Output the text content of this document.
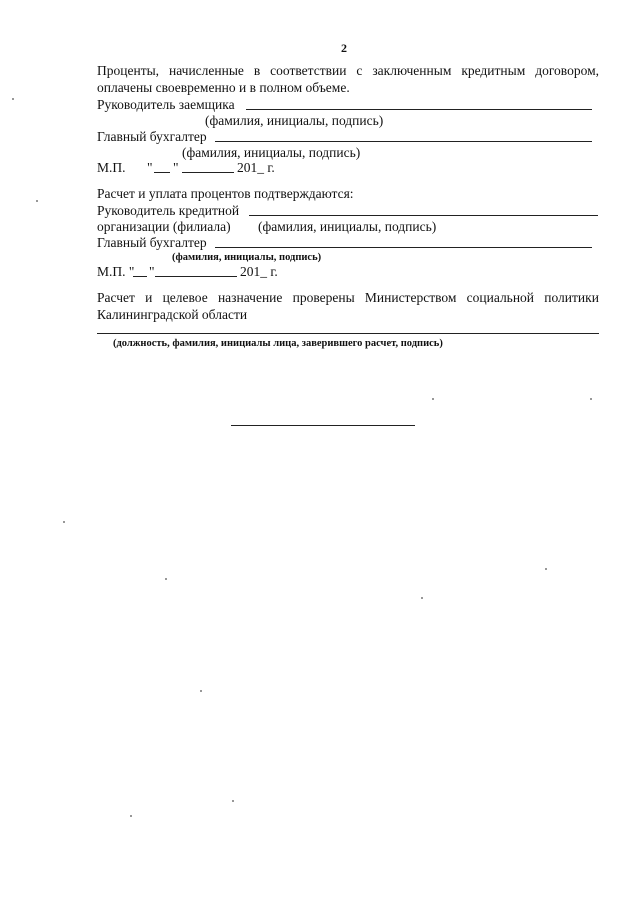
2
Проценты, начисленные в соответствии с заключенным кредитным договором,
оплачены своевременно и в полном объеме.
Руководитель заемщика
(фамилия, инициалы, подпись)
Главный бухгалтер
(фамилия, инициалы, подпись)
М.П. " "	201_ г.
Расчет и уплата процентов подтверждаются:
Руководитель кредитной
организации (филиала) (фамилия, инициалы, подпись)
Главный бухгалтер
(фамилия, инициалы, подпись)
М.П. " "	201_ г.
Расчет и целевое назначение проверены Министерством социальной политики
Калининградской области
(должность, фамилия, инициалы лица, заверившего расчет, подпись)
